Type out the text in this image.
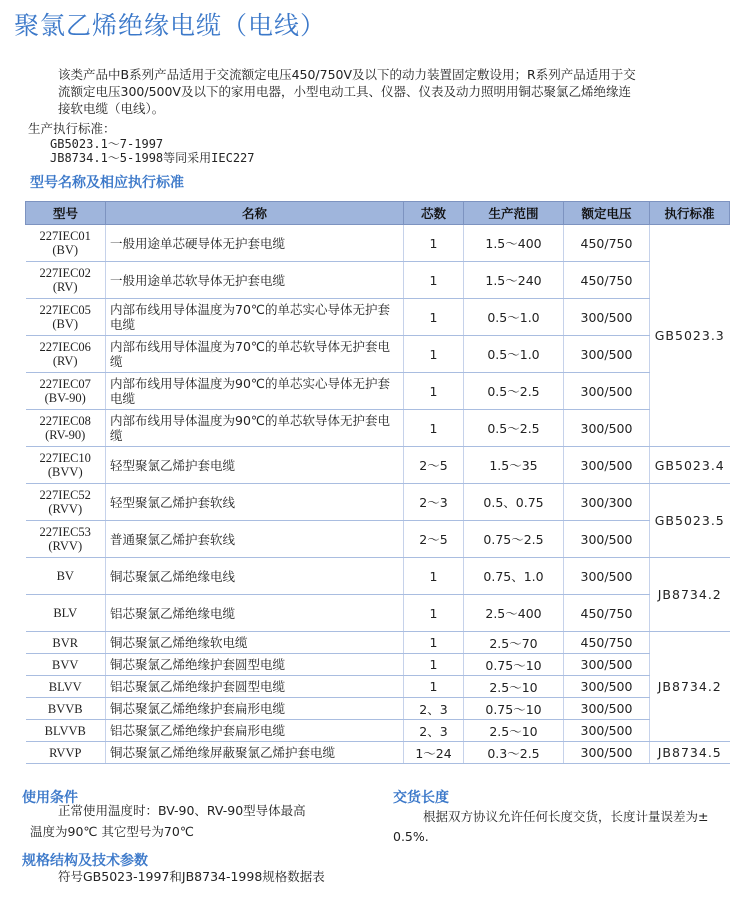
聚氯乙烯绝缘电缆（电线）

该类产品中B系列产品适用于交流额定电压450/750V及以下的动力装置固定敷设用；R系列产品适用于交

流额定电压300/500V及以下的家用电器，小型电动工具、仪器、仪表及动力照明用铜芯聚氯乙烯绝缘连

接软电缆（电线）。

生产执行标准：
GB5023.1～7-1997
JB8734.1～5-1998等同采用IEC227
型号名称及相应执行标准
型号	名称	芯数	生产范围	额定电压	执行标准

227IEC01
(BV)	一般用途单芯硬导体无护套电缆	1	1.5～400	450/750	GB5023.3

227IEC02
(RV)	一般用途单芯软导体无护套电缆	1	1.5～240	450/750	

227IEC05
(BV)	内部布线用导体温度为70℃的单芯实心导体无护套电缆	1	0.5～1.0	300/500	

227IEC06
(RV)	内部布线用导体温度为70℃的单芯软导体无护套电缆	1	0.5～1.0	300/500	

227IEC07
(BV-90)	内部布线用导体温度为90℃的单芯实心导体无护套电缆	1	0.5～2.5	300/500	

227IEC08
(RV-90)	内部布线用导体温度为90℃的单芯软导体无护套电缆	1	0.5～2.5	300/500	

227IEC10
(BVV)	轻型聚氯乙烯护套电缆	2～5	1.5～35	300/500	GB5023.4

227IEC52
(RVV)	轻型聚氯乙烯护套软线	2～3	0.5、0.75	300/300	GB5023.5

227IEC53
(RVV)	普通聚氯乙烯护套软线	2～5	0.75～2.5	300/500	

BV	铜芯聚氯乙烯绝缘电线	1	0.75、1.0	300/500	JB8734.2

BLV	铝芯聚氯乙烯绝缘电缆	1	2.5～400	450/750	

BVR	铜芯聚氯乙烯绝缘软电缆	1	2.5～70	450/750	JB8734.2

BVV	铜芯聚氯乙烯绝缘护套圆型电缆	1	0.75～10	300/500	

BLVV	铝芯聚氯乙烯绝缘护套圆型电缆	1	2.5～10	300/500	

BVVB	铜芯聚氯乙烯绝缘护套扁形电缆	2、3	0.75～10	300/500	

BLVVB	铝芯聚氯乙烯绝缘护套扁形电缆	2、3	2.5～10	300/500	

RVVP	铜芯聚氯乙烯绝缘屏蔽聚氯乙烯护套电缆	1～24	0.3～2.5	300/500	JB8734.5
使用条件
正常使用温度时：BV-90、RV-90型导体最高
温度为90℃ 其它型号为70℃
交货长度
根据双方协议允许任何长度交货，长度计量误差为±
0.5%.
规格结构及技术参数
符号GB5023-1997和JB8734-1998规格数据表
